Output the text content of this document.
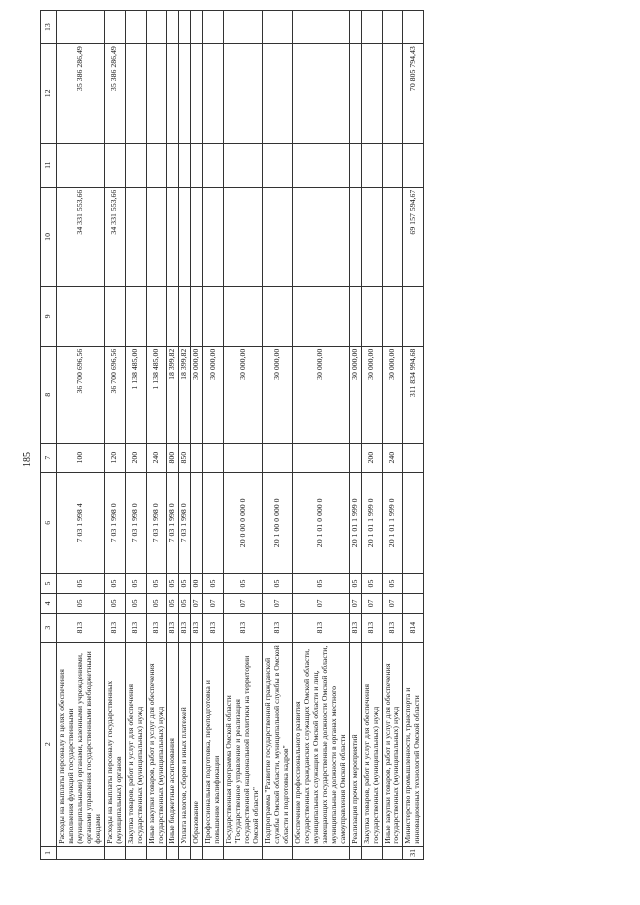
185
1	2	3	4	5	6	7	8	9	10	11	12	13
	Расходы на выплаты персоналу в целях обеспечения выполнения функций государственными (муниципальными) органами, казенными учреждениями, органами управления государственными внебюджетными фондами	813	05	05	7 03 1 998 4	100	36 700 696,56		34 331 553,66		35 386 286,49	
	Расходы на выплаты персоналу государственных (муниципальных) органов	813	05	05	7 03 1 998 0	120	36 700 696,56		34 331 553,66		35 386 286,49	
	Закупка товаров, работ и услуг для обеспечения государственных (муниципальных) нужд	813	05	05	7 03 1 998 0	200	1 138 485,00					
	Иные закупки товаров, работ и услуг для обеспечения государственных (муниципальных) нужд	813	05	05	7 03 1 998 0	240	1 138 485,00					
	Иные бюджетные ассигнования	813	05	05	7 03 1 998 0	800	18 399,82					
	Уплата налогов, сборов и иных платежей	813	05	05	7 03 1 998 0	850	18 399,82					
	Образование	813	07	00			30 000,00					
	Профессиональная подготовка, переподготовка и повышение квалификации	813	07	05			30 000,00					
	Государственная программа Омской области "Государственное управление и реализация государственной национальной политики на территории Омской области"	813	07	05	20 0 00 0 000 0		30 000,00					
	Подпрограмма "Развитие государственной гражданской службы Омской области, муниципальной службы в Омской области и подготовка кадров"	813	07	05	20 1 00 0 000 0		30 000,00					
	Обеспечение профессионального развития государственных гражданских служащих Омской области, муниципальных служащих в Омской области и лиц, замещающих государственные должности Омской области, муниципальные должности в органах местного самоуправления Омской области	813	07	05	20 1 01 0 000 0		30 000,00					
	Реализация прочих мероприятий	813	07	05	20 1 01 1 999 0		30 000,00					
	Закупка товаров, работ и услуг для обеспечения государственных (муниципальных) нужд	813	07	05	20 1 01 1 999 0	200	30 000,00					
	Иные закупки товаров, работ и услуг для обеспечения государственных (муниципальных) нужд	813	07	05	20 1 01 1 999 0	240	30 000,00					
31	Министерство промышленности, транспорта и инновационных технологий Омской области	814					311 834 994,68		69 157 594,67		70 805 794,43	
